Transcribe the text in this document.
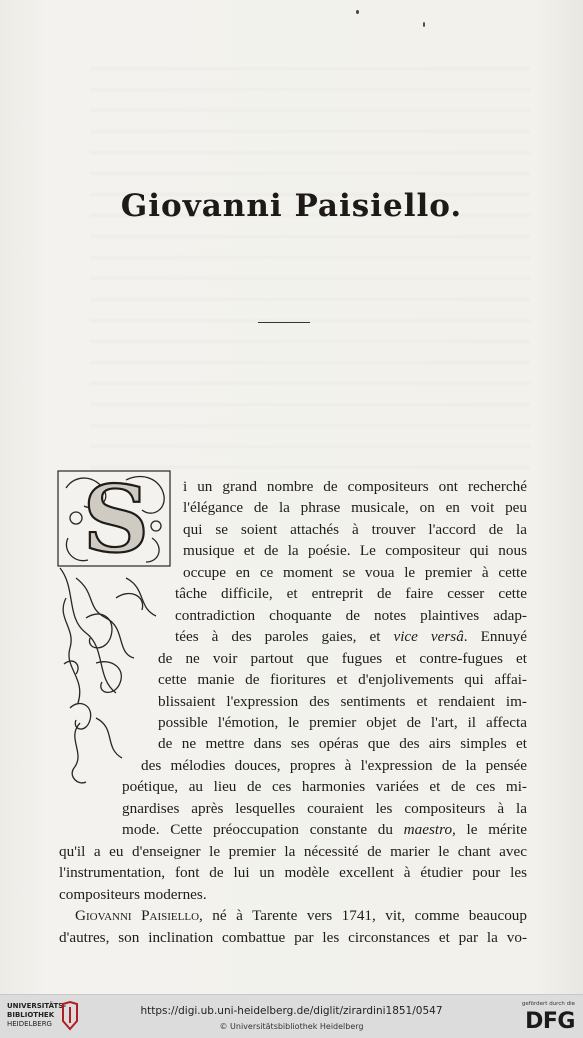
Giovanni Paisiello.
S	i un grand nombre de compositeurs ont recherché
l'élégance de la phrase musicale, on en voit peu
qui se soient attachés à trouver l'accord de la
musique et de la poésie. Le compositeur qui nous
occupe en ce moment se voua le premier à cette
tâche difficile, et entreprit de faire cesser cette
contradiction choquante de notes plaintives adap-
tées à des paroles gaies, et vice versâ. Ennuyé
de ne voir partout que fugues et contre-fugues et
cette manie de fioritures et d'enjolivements qui affai-
blissaient l'expression des sentiments et rendaient im-
possible l'émotion, le premier objet de l'art, il affecta
de ne mettre dans ses opéras que des airs simples et
des mélodies douces, propres à l'expression de la pensée
poétique, au lieu de ces harmonies variées et de ces mi-
gnardises après lesquelles couraient les compositeurs à la
mode. Cette préoccupation constante du maestro, le mérite
qu'il a eu d'enseigner le premier la nécessité de marier le chant avec
l'instrumentation, font de lui un modèle excellent à étudier pour les
compositeurs modernes.
Giovanni Paisiello, né à Tarente vers 1741, vit, comme beaucoup
d'autres, son inclination combattue par les circonstances et par la vo-
UNIVERSITÄTS-
BIBLIOTHEK
HEIDELBERG
https://digi.ub.uni-heidelberg.de/diglit/zirardini1851/0547
© Universitätsbibliothek Heidelberg
gefördert durch die
DFG
